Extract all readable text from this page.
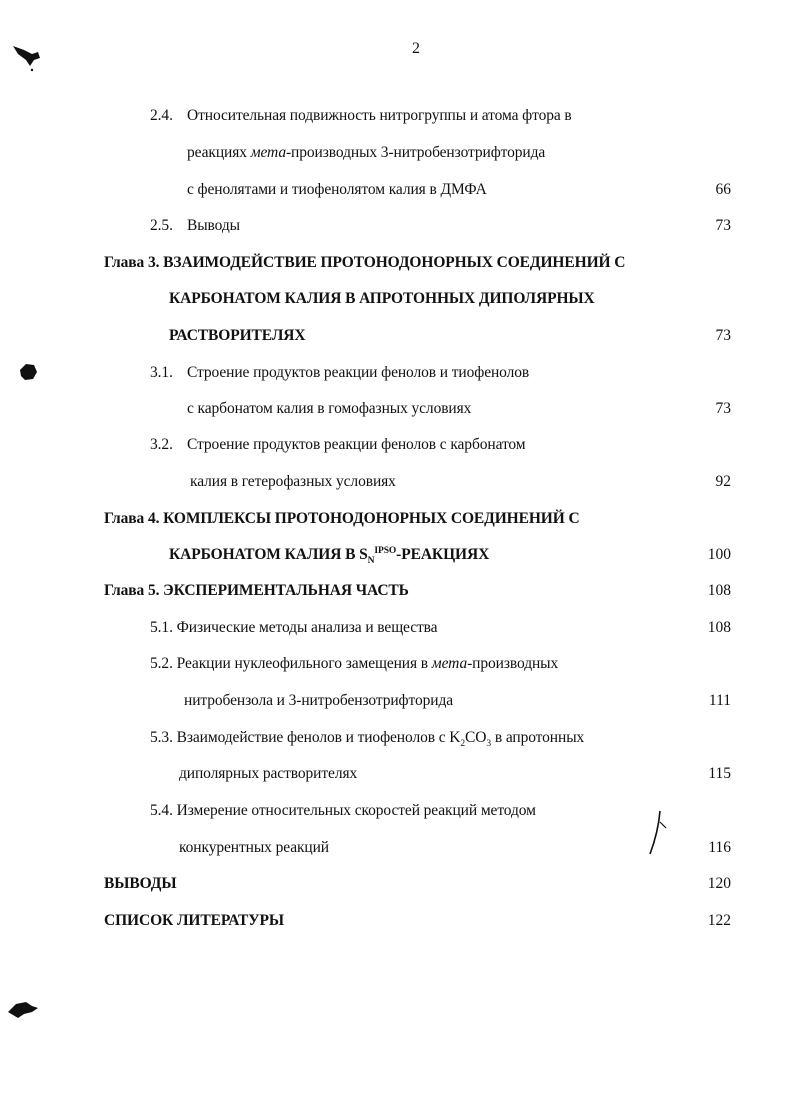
2
2.4. Относительная подвижность нитрогруппы и атома фтора в
реакциях мета-производных 3-нитробензотрифторида
с фенолятами и тиофенолятом калия в ДМФА	66
2.5. Выводы	73
Глава 3. ВЗАИМОДЕЙСТВИЕ ПРОТОНОДОНОРНЫХ СОЕДИНЕНИЙ С
КАРБОНАТОМ КАЛИЯ В АПРОТОННЫХ ДИПОЛЯРНЫХ
РАСТВОРИТЕЛЯХ	73
3.1. Строение продуктов реакции фенолов и тиофенолов
с карбонатом калия в гомофазных условиях	73
3.2. Строение продуктов реакции фенолов с карбонатом
калия в гетерофазных условиях	92
Глава 4. КОМПЛЕКСЫ ПРОТОНОДОНОРНЫХ СОЕДИНЕНИЙ С
КАРБОНАТОМ КАЛИЯ В $S_N^{IPSO}$-РЕАКЦИЯХ	100
Глава 5. ЭКСПЕРИМЕНТАЛЬНАЯ ЧАСТЬ	108
5.1. Физические методы анализа и вещества	108
5.2. Реакции нуклеофильного замещения в мета-производных
нитробензола и 3-нитробензотрифторида	111
5.3. Взаимодействие фенолов и тиофенолов с $K_2CO_3$ в апротонных
диполярных растворителях	115
5.4. Измерение относительных скоростей реакций методом
конкурентных реакций	116
ВЫВОДЫ	120
СПИСОК ЛИТЕРАТУРЫ	122
